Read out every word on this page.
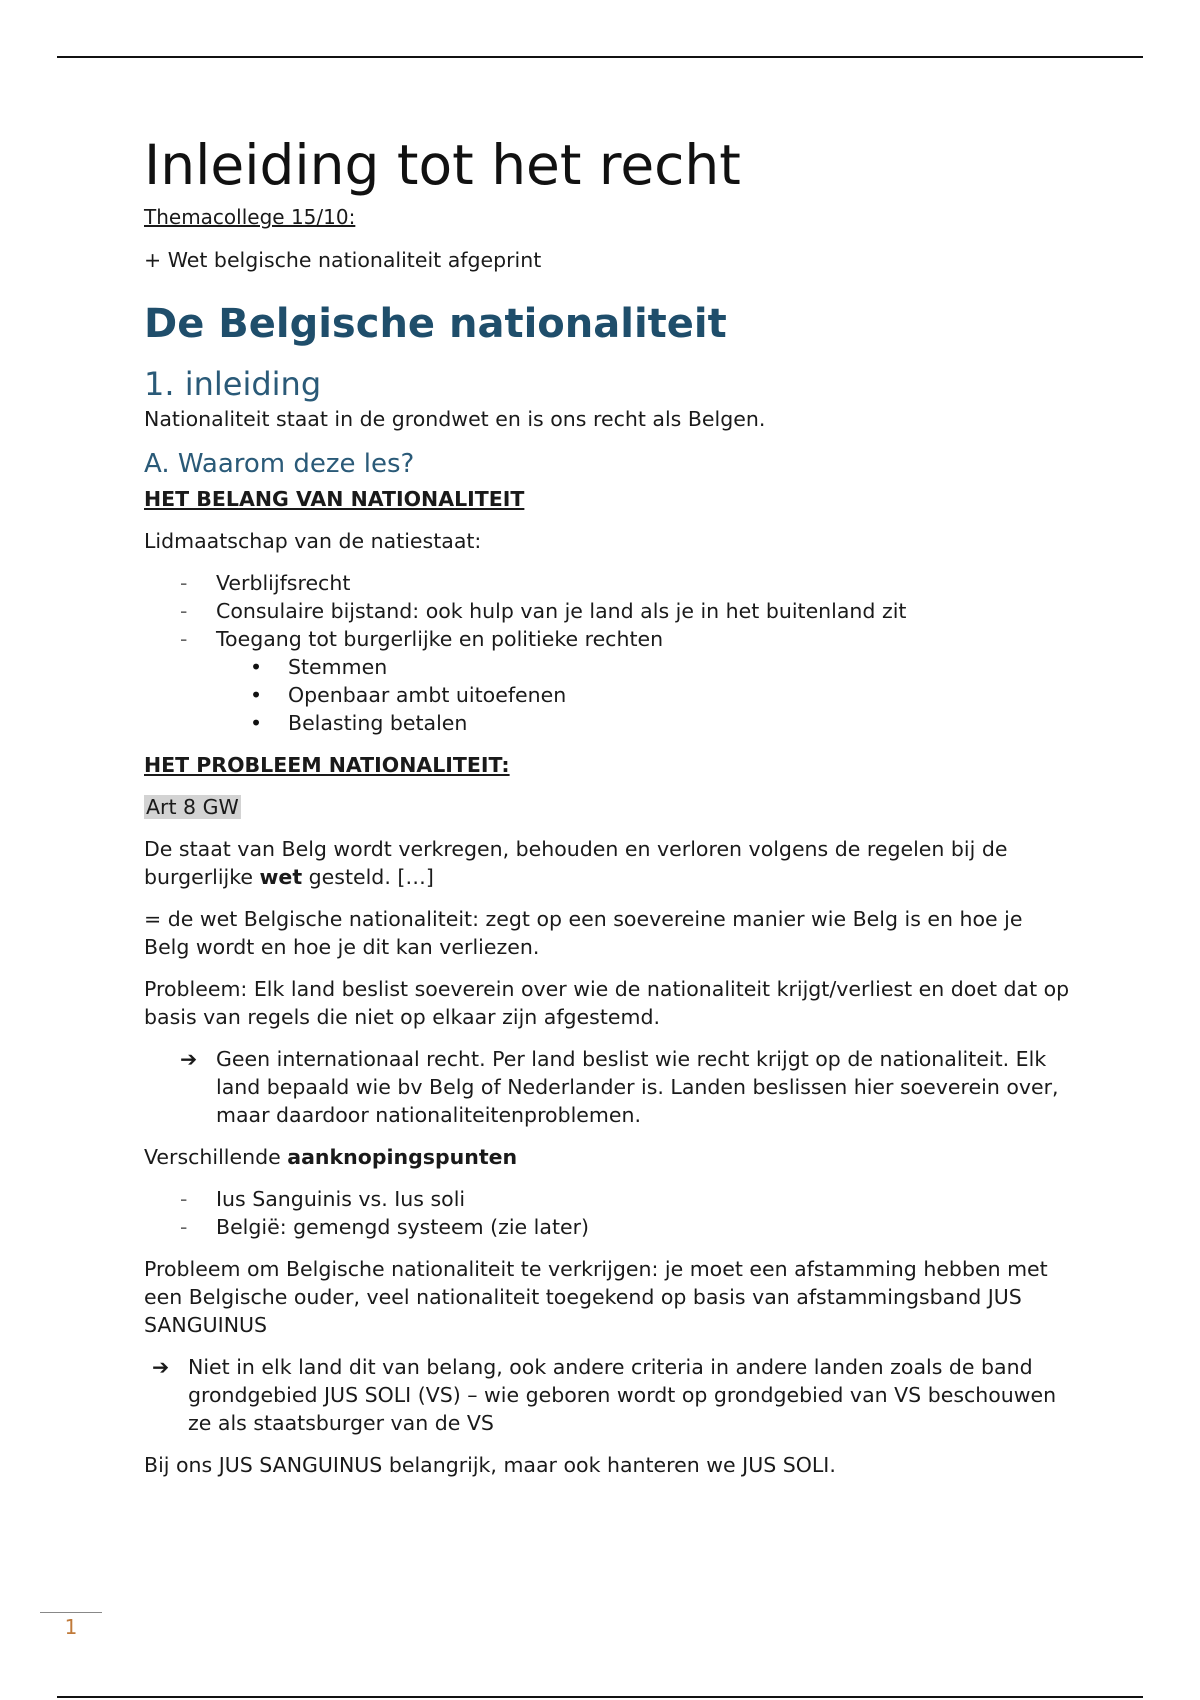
Inleiding tot het recht

Themacollege 15/10:

+ Wet belgische nationaliteit afgeprint

De Belgische nationaliteit
1. inleiding

Nationaliteit staat in de grondwet en is ons recht als Belgen.

A. Waarom deze les?
HET BELANG VAN NATIONALITEIT

Lidmaatschap van de natiestaat:

- Verblijfsrecht
- Consulaire bijstand: ook hulp van je land als je in het buitenland zit
- Toegang tot burgerlijke en politieke rechten
• Stemmen
• Openbaar ambt uitoefenen
• Belasting betalen
HET PROBLEEM NATIONALITEIT:

Art 8 GW

De staat van Belg wordt verkregen, behouden en verloren volgens de regelen bij de burgerlijke wet gesteld. […]

= de wet Belgische nationaliteit: zegt op een soevereine manier wie Belg is en hoe je Belg wordt en hoe je dit kan verliezen.

Probleem: Elk land beslist soeverein over wie de nationaliteit krijgt/verliest en doet dat op basis van regels die niet op elkaar zijn afgestemd.

➔ Geen internationaal recht. Per land beslist wie recht krijgt op de nationaliteit. Elk land bepaald wie bv Belg of Nederlander is. Landen beslissen hier soeverein over, maar daardoor nationaliteitenproblemen.

Verschillende aanknopingspunten

- Ius Sanguinis vs. Ius soli
- België: gemengd systeem (zie later)

Probleem om Belgische nationaliteit te verkrijgen: je moet een afstamming hebben met een Belgische ouder, veel nationaliteit toegekend op basis van afstammingsband JUS SANGUINUS

➔ Niet in elk land dit van belang, ook andere criteria in andere landen zoals de band grondgebied JUS SOLI (VS) – wie geboren wordt op grondgebied van VS beschouwen ze als staatsburger van de VS

Bij ons JUS SANGUINUS belangrijk, maar ook hanteren we JUS SOLI.

1
